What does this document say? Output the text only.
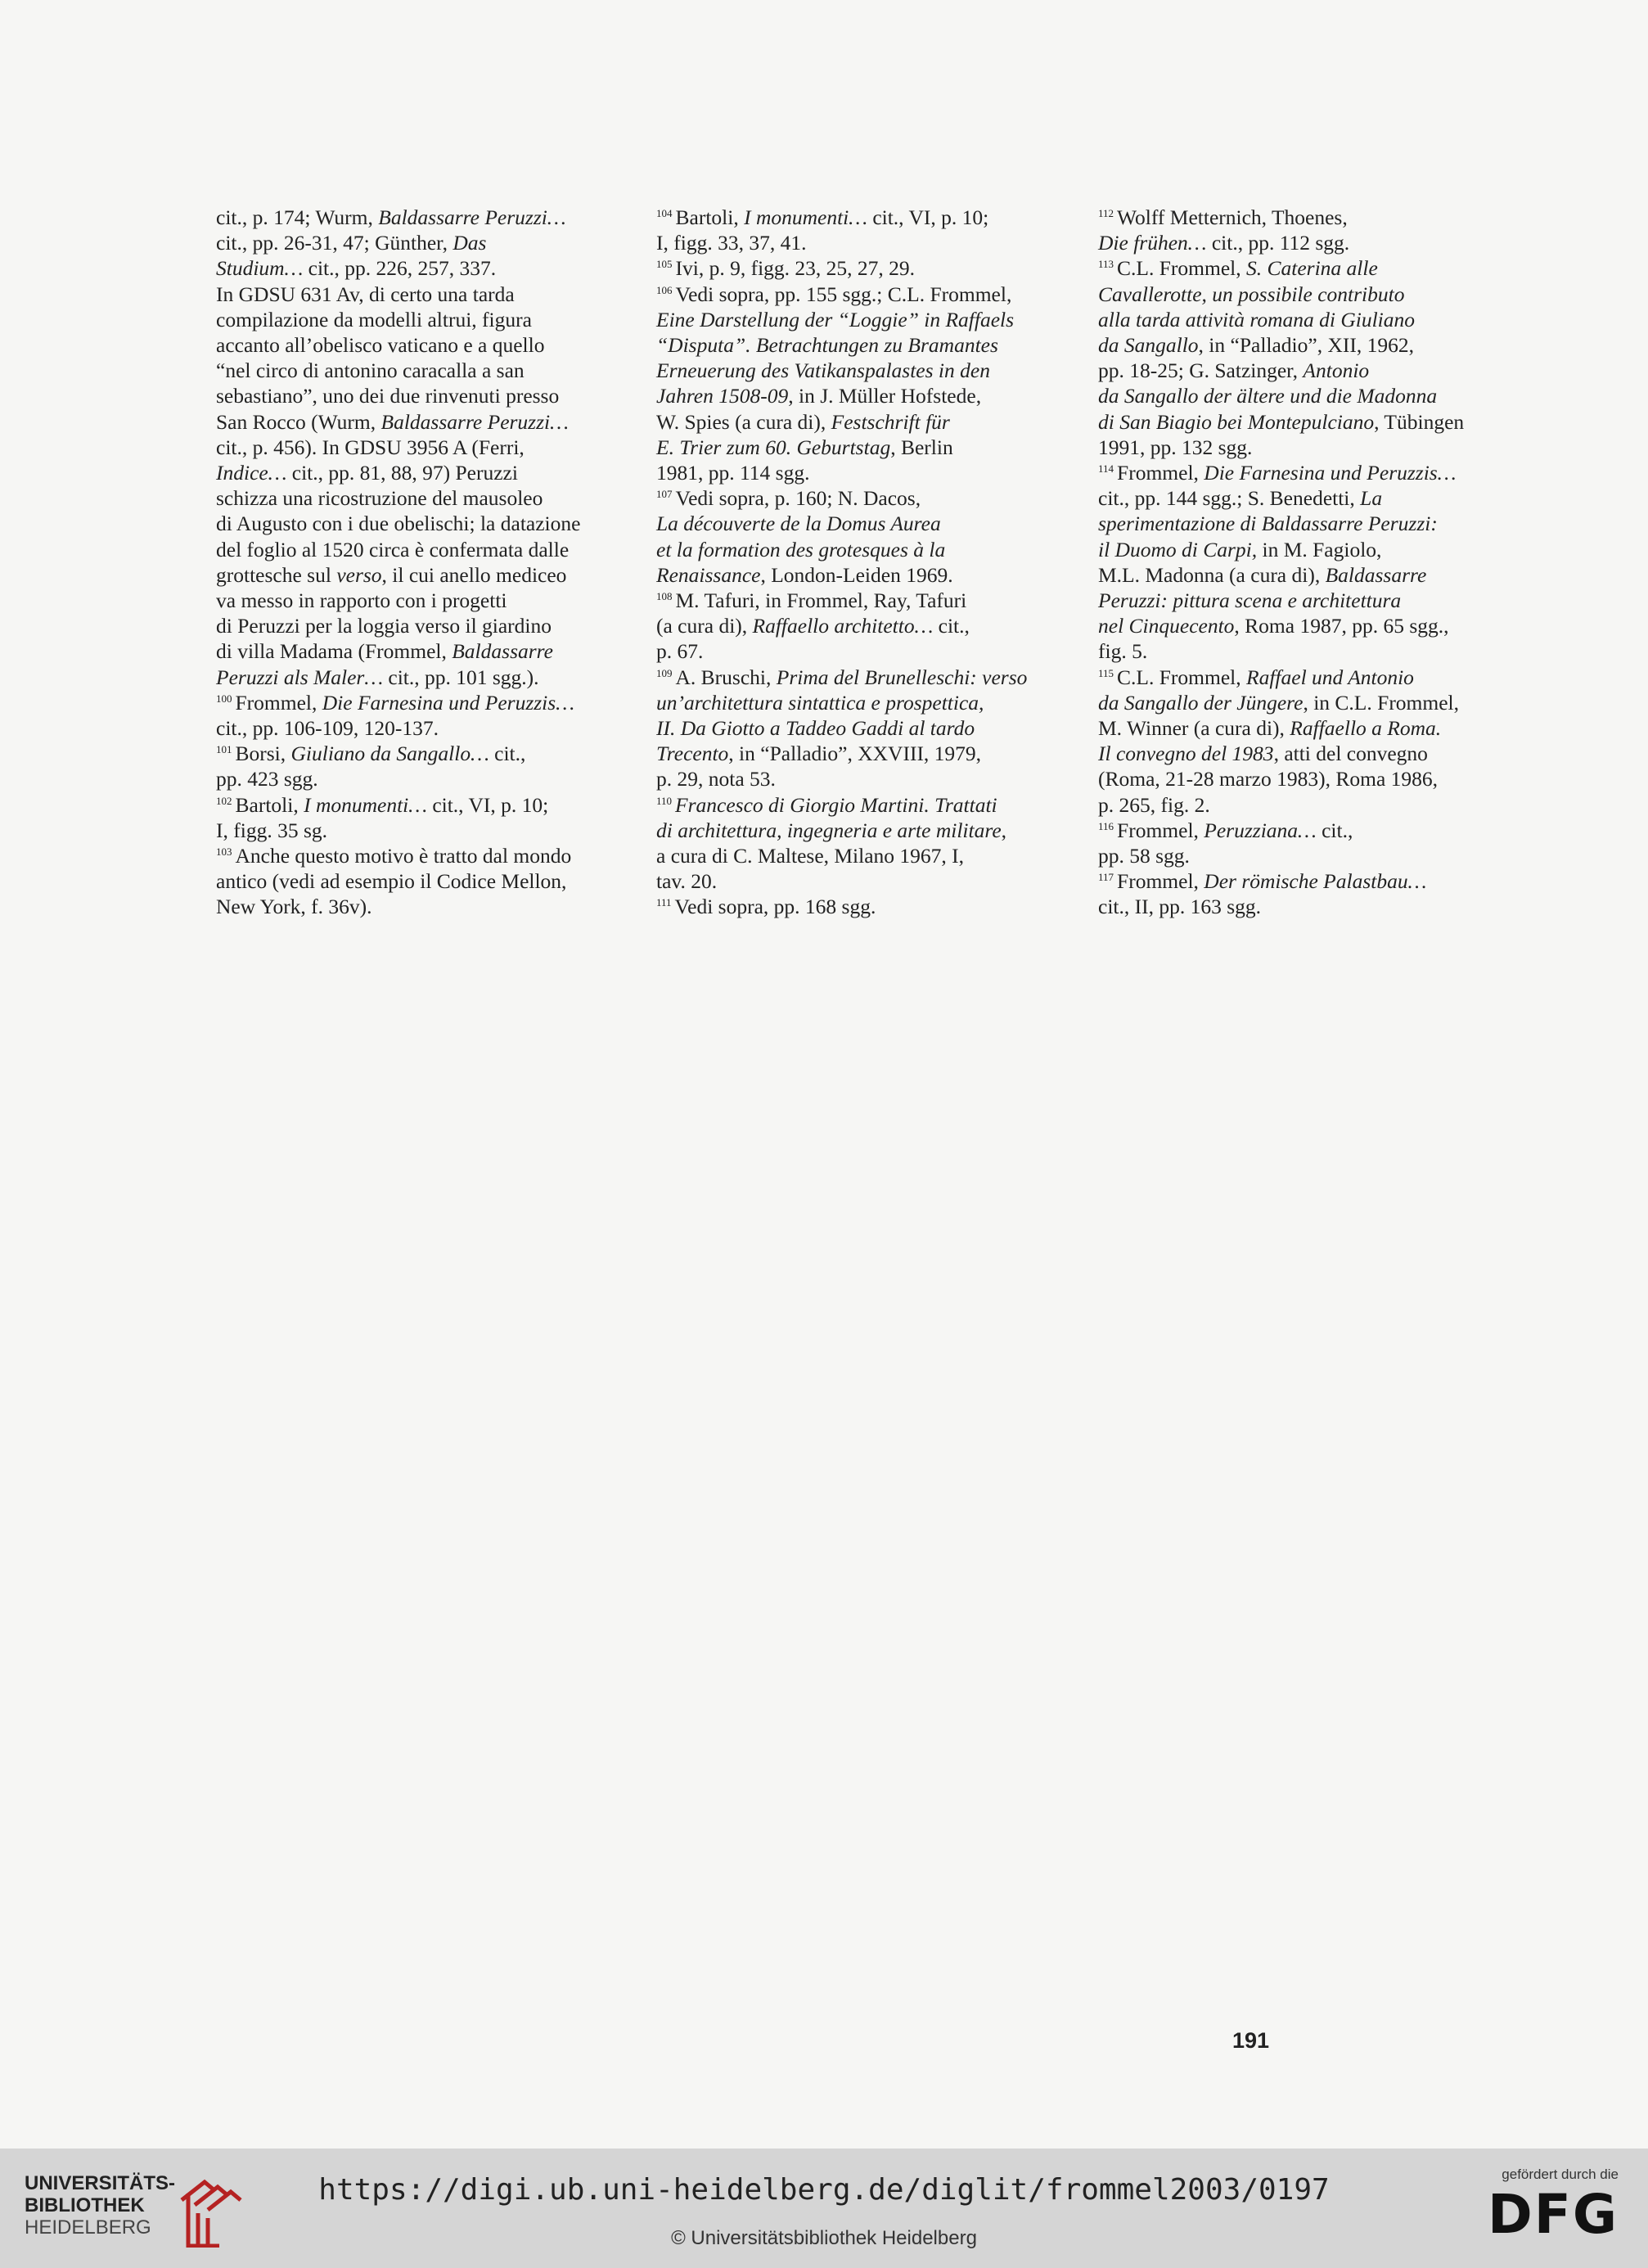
cit., p. 174; Wurm, Baldassarre Peruzzi…
cit., pp. 26-31, 47; Günther, Das
Studium… cit., pp. 226, 257, 337.
In GDSU 631 Av, di certo una tarda
compilazione da modelli altrui, figura
accanto all’obelisco vaticano e a quello
“nel circo di antonino caracalla a san
sebastiano”, uno dei due rinvenuti presso
San Rocco (Wurm, Baldassarre Peruzzi…
cit., p. 456). In GDSU 3956 A (Ferri,
Indice… cit., pp. 81, 88, 97) Peruzzi
schizza una ricostruzione del mausoleo
di Augusto con i due obelischi; la datazione
del foglio al 1520 circa è confermata dalle
grottesche sul verso, il cui anello mediceo
va messo in rapporto con i progetti
di Peruzzi per la loggia verso il giardino
di villa Madama (Frommel, Baldassarre
Peruzzi als Maler… cit., pp. 101 sgg.).
$^{100}$ Frommel, Die Farnesina und Peruzzis…
cit., pp. 106-109, 120-137.
$^{101}$ Borsi, Giuliano da Sangallo… cit.,
pp. 423 sgg.
$^{102}$ Bartoli, I monumenti… cit., VI, p. 10;
I, figg. 35 sg.
$^{103}$ Anche questo motivo è tratto dal mondo
antico (vedi ad esempio il Codice Mellon,
New York, f. 36v).
$^{104}$ Bartoli, I monumenti… cit., VI, p. 10;
I, figg. 33, 37, 41.
$^{105}$ Ivi, p. 9, figg. 23, 25, 27, 29.
$^{106}$ Vedi sopra, pp. 155 sgg.; C.L. Frommel,
Eine Darstellung der “Loggie” in Raffaels
“Disputa”. Betrachtungen zu Bramantes
Erneuerung des Vatikanspalastes in den
Jahren 1508-09, in J. Müller Hofstede,
W. Spies (a cura di), Festschrift für
E. Trier zum 60. Geburtstag, Berlin
1981, pp. 114 sgg.
$^{107}$ Vedi sopra, p. 160; N. Dacos,
La découverte de la Domus Aurea
et la formation des grotesques à la
Renaissance, London-Leiden 1969.
$^{108}$ M. Tafuri, in Frommel, Ray, Tafuri
(a cura di), Raffaello architetto… cit.,
p. 67.
$^{109}$ A. Bruschi, Prima del Brunelleschi: verso
un’architettura sintattica e prospettica,
II. Da Giotto a Taddeo Gaddi al tardo
Trecento, in “Palladio”, XXVIII, 1979,
p. 29, nota 53.
$^{110}$ Francesco di Giorgio Martini. Trattati
di architettura, ingegneria e arte militare,
a cura di C. Maltese, Milano 1967, I,
tav. 20.
$^{111}$ Vedi sopra, pp. 168 sgg.
$^{112}$ Wolff Metternich, Thoenes,
Die frühen… cit., pp. 112 sgg.
$^{113}$ C.L. Frommel, S. Caterina alle
Cavallerotte, un possibile contributo
alla tarda attività romana di Giuliano
da Sangallo, in “Palladio”, XII, 1962,
pp. 18-25; G. Satzinger, Antonio
da Sangallo der ältere und die Madonna
di San Biagio bei Montepulciano, Tübingen
1991, pp. 132 sgg.
$^{114}$ Frommel, Die Farnesina und Peruzzis…
cit., pp. 144 sgg.; S. Benedetti, La
sperimentazione di Baldassarre Peruzzi:
il Duomo di Carpi, in M. Fagiolo,
M.L. Madonna (a cura di), Baldassarre
Peruzzi: pittura scena e architettura
nel Cinquecento, Roma 1987, pp. 65 sgg.,
fig. 5.
$^{115}$ C.L. Frommel, Raffael und Antonio
da Sangallo der Jüngere, in C.L. Frommel,
M. Winner (a cura di), Raffaello a Roma.
Il convegno del 1983, atti del convegno
(Roma, 21-28 marzo 1983), Roma 1986,
p. 265, fig. 2.
$^{116}$ Frommel, Peruzziana… cit.,
pp. 58 sgg.
$^{117}$ Frommel, Der römische Palastbau…
cit., II, pp. 163 sgg.
191
UNIVERSITÄTS-
BIBLIOTHEK
HEIDELBERG
https://digi.ub.uni-heidelberg.de/diglit/frommel2003/0197
© Universitätsbibliothek Heidelberg
gefördert durch die
DFG
